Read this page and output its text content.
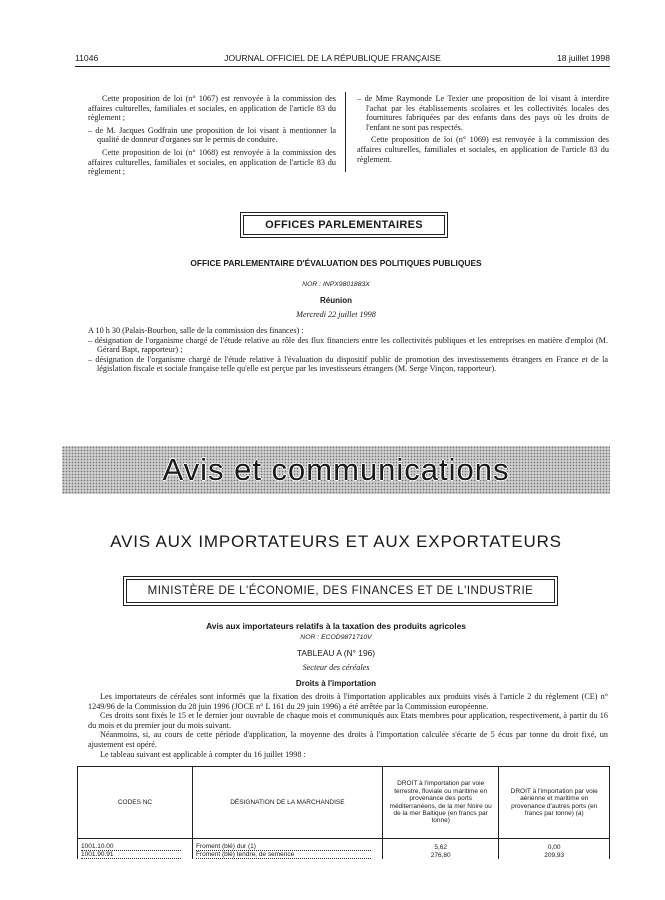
11046	JOURNAL OFFICIEL DE LA RÉPUBLIQUE FRANÇAISE	18 juillet 1998

Cette proposition de loi (n° 1067) est renvoyée à la commission des affaires culturelles, familiales et sociales, en application de l'article 83 du règlement ;

– de M. Jacques Godfrain une proposition de loi visant à mentionner la qualité de donneur d'organes sur le permis de conduire.

Cette proposition de loi (n° 1068) est renvoyée à la commission des affaires culturelles, familiales et sociales, en application de l'article 83 du règlement ;

– de Mme Raymonde Le Texier une proposition de loi visant à interdire l'achat par les établissements scolaires et les collectivités locales des fournitures fabriquées par des enfants dans des pays où les droits de l'enfant ne sont pas respectés.

Cette proposition de loi (n° 1069) est renvoyée à la commission des affaires culturelles, familiales et sociales, en application de l'article 83 du règlement.

OFFICES PARLEMENTAIRES
OFFICE PARLEMENTAIRE D'ÉVALUATION DES POLITIQUES PUBLIQUES
NOR : INPX9801883X
Réunion
Mercredi 22 juillet 1998

A 10 h 30 (Palais-Bourbon, salle de la commission des finances) :

– désignation de l'organisme chargé de l'étude relative au rôle des flux financiers entre les collectivités publiques et les entreprises en matière d'emploi (M. Gérard Bapt, rapporteur) ;

– désignation de l'organisme chargé de l'étude relative à l'évaluation du dispositif public de promotion des investissements étrangers en France et de la législation fiscale et sociale française telle qu'elle est perçue par les investisseurs étrangers (M. Serge Vinçon, rapporteur).

Avis et communications
AVIS AUX IMPORTATEURS ET AUX EXPORTATEURS
MINISTÈRE DE L'ÉCONOMIE, DES FINANCES ET DE L'INDUSTRIE
Avis aux importateurs relatifs à la taxation des produits agricoles
NOR : ECOD9871710V
TABLEAU A (N° 196)
Secteur des céréales
Droits à l'importation

Les importateurs de céréales sont informés que la fixation des droits à l'importation applicables aux produits visés à l'article 2 du règlement (CE) n° 1249/96 de la Commission du 28 juin 1996 (JOCE n° L 161 du 29 juin 1996) a été arrêtée par la Commission européenne.

Ces droits sont fixés le 15 et le dernier jour ouvrable de chaque mois et communiqués aux Etats membres pour application, respectivement, à partir du 16 du mois et du premier jour du mois suivant.

Néanmoins, si, au cours de cette période d'application, la moyenne des droits à l'importation calculée s'écarte de 5 écus par tonne du droit fixé, un ajustement est opéré.

Le tableau suivant est applicable à compter du 16 juillet 1998 :

CODES NC	DÉSIGNATION DE LA MARCHANDISE	DROIT à l'importation par voie terrestre, fluviale ou maritime en provenance des ports méditerranéens, de la mer Noire ou de la mer Baltique (en francs par tonne)	DROIT à l'importation par voie aérienne et maritime en provenance d'autres ports (en francs par tonne) (a)
1001.10.00	Froment (blé) dur (1)	5,62	0,00
1001.90.91	Froment (blé) tendre, de semence	276,80	209,93
